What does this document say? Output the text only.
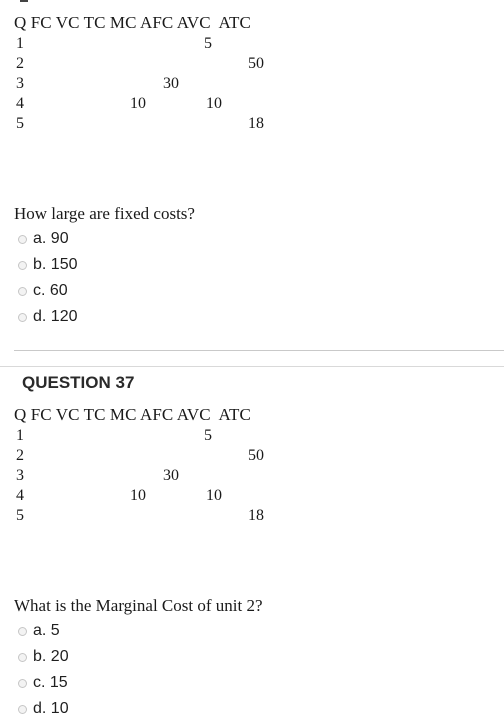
Q FC VC TC MC AFC AVC  ATC
1
2
3
4
5
5
50
30
10	10
18
How large are fixed costs?
a. 90
b. 150
c. 60
d. 120
QUESTION 37
Q FC VC TC MC AFC AVC  ATC
1
2
3
4
5
5
50
30
10	10
18
What is the Marginal Cost of unit 2?
a. 5
b. 20
c. 15
d. 10
